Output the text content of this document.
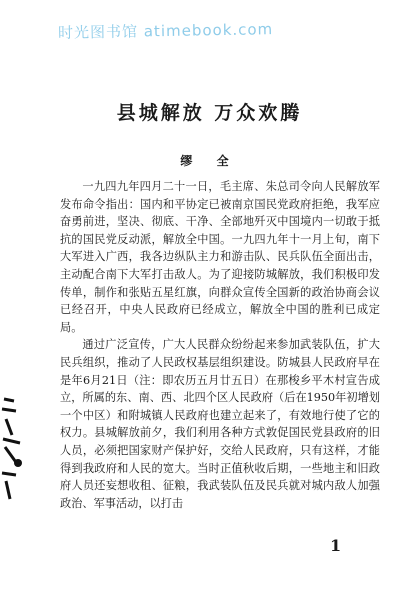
时光图书馆 atimebook.com
县城解放 万众欢腾
缪 全

一九四九年四月二十一日，毛主席、朱总司令向人民解放军发布命令指出：国内和平协定已被南京国民党政府拒绝，我军应奋勇前进，坚决、彻底、干净、全部地歼灭中国境内一切敢于抵抗的国民党反动派，解放全中国。一九四九年十一月上旬，南下大军进入广西，我各边纵队主力和游击队、民兵队伍全面出击，主动配合南下大军打击敌人。为了迎接防城解放，我们积极印发传单，制作和张贴五星红旗，向群众宣传全国新的政治协商会议已经召开，中央人民政府已经成立，解放全中国的胜利已成定局。

通过广泛宣传，广大人民群众纷纷起来参加武装队伍，扩大民兵组织，推动了人民政权基层组织建设。防城县人民政府早在是年6月21日（注：即农历五月廿五日）在那梭乡平木村宣告成立，所属的东、南、西、北四个区人民政府（后在1950年初增划一个中区）和附城镇人民政府也建立起来了，有效地行使了它的权力。县城解放前夕，我们利用各种方式敦促国民党县政府的旧人员，必须把国家财产保护好，交给人民政府，只有这样，才能得到我政府和人民的宽大。当时正值秋收后期，一些地主和旧政府人员还妄想收租、征粮，我武装队伍及民兵就对城内敌人加强政治、军事活动，以打击

1
